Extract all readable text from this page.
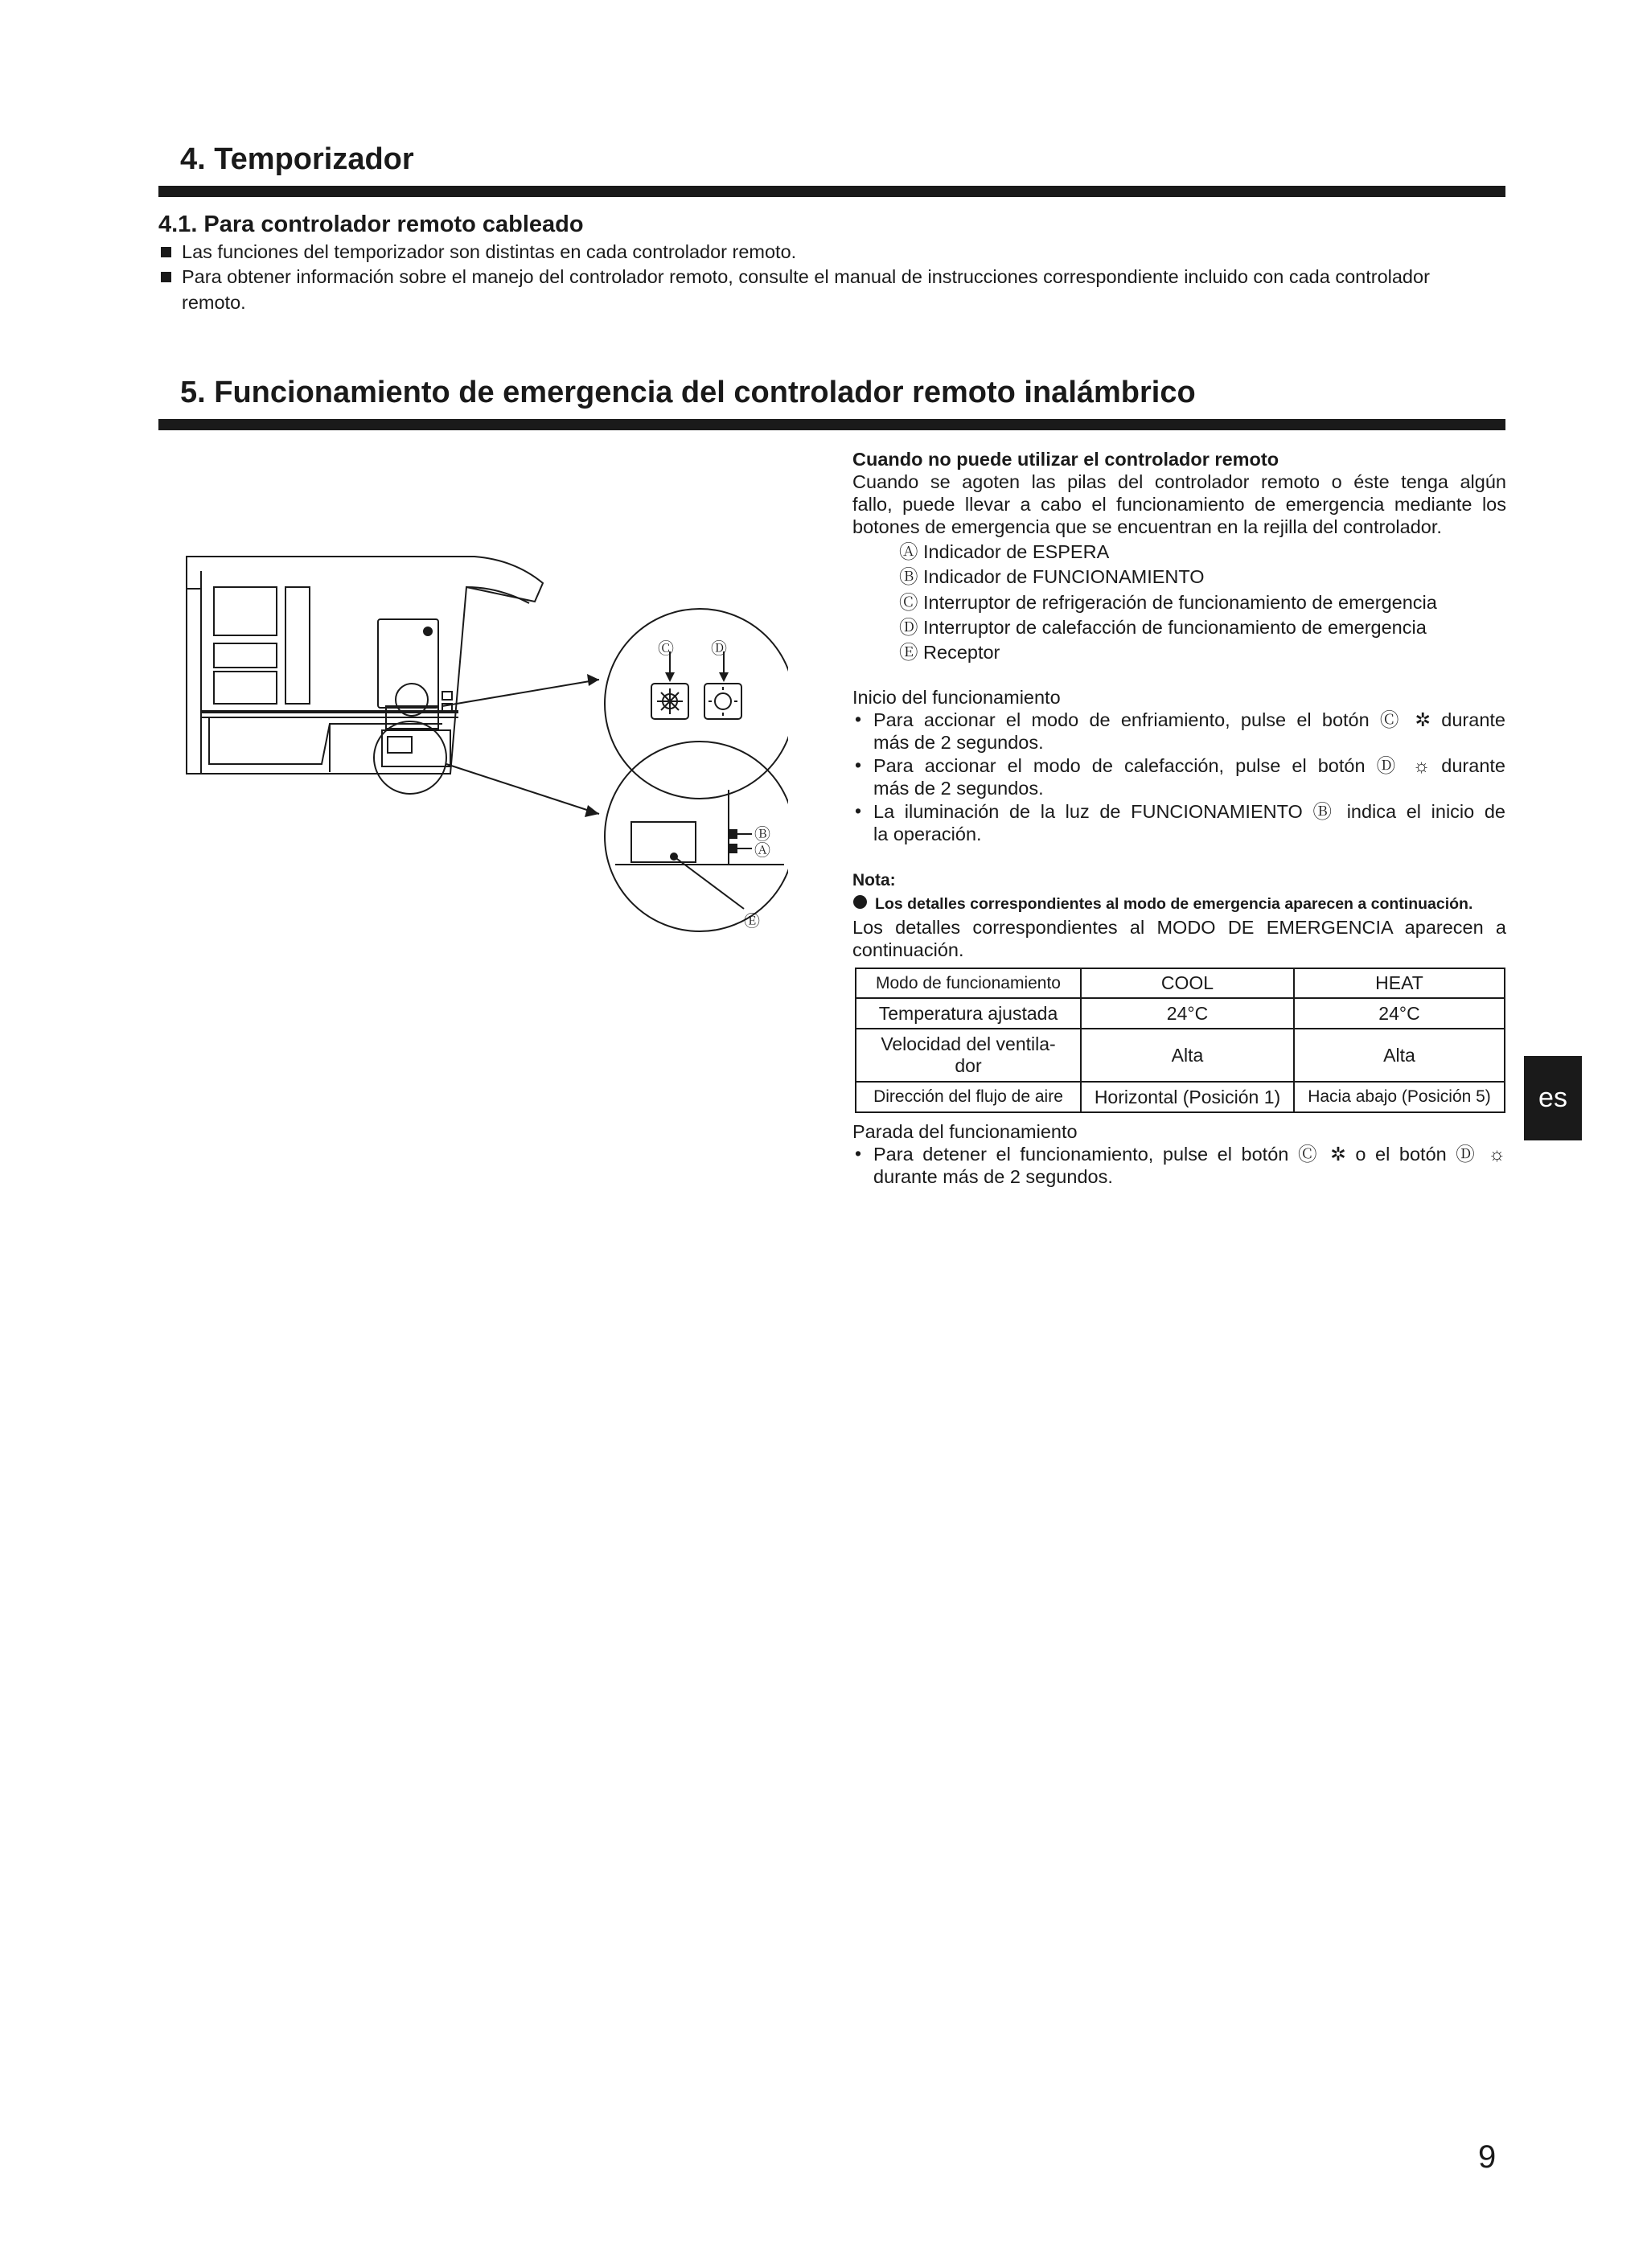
4. Temporizador
4.1. Para controlador remoto cableado
Las funciones del temporizador son distintas en cada controlador remoto.
Para obtener información sobre el manejo del controlador remoto, consulte el manual de instrucciones correspondiente incluido con cada controlador
remoto.
5. Funcionamiento de emergencia del controlador remoto inalámbrico
Ⓒ Ⓓ
Ⓑ
Ⓐ
Ⓔ
Cuando no puede utilizar el controlador remoto
Cuando se agoten las pilas del controlador remoto o éste tenga algún
fallo, puede llevar a cabo el funcionamiento de emergencia mediante los
botones de emergencia que se encuentran en la rejilla del controlador.
Ⓐ Indicador de ESPERA
Ⓑ Indicador de FUNCIONAMIENTO
Ⓒ Interruptor de refrigeración de funcionamiento de emergencia
Ⓓ Interruptor de calefacción de funcionamiento de emergencia
Ⓔ Receptor
Inicio del funcionamiento
• Para accionar el modo de enfriamiento, pulse el botón Ⓒ ✲ durante
más de 2 segundos.
• Para accionar el modo de calefacción, pulse el botón Ⓓ ☼ durante
más de 2 segundos.
• La iluminación de la luz de FUNCIONAMIENTO Ⓑ indica el inicio de
la operación.
Nota:
Los detalles correspondientes al modo de emergencia aparecen a continuación.
Los detalles correspondientes al MODO DE EMERGENCIA aparecen a
continuación.
Modo de funcionamiento	COOL	HEAT
Temperatura ajustada	24°C	24°C
Velocidad del ventila-
dor	Alta	Alta
Dirección del flujo de aire	Horizontal (Posición 1)	Hacia abajo (Posición 5)
Parada del funcionamiento
• Para detener el funcionamiento, pulse el botón Ⓒ ✲ o el botón Ⓓ ☼
durante más de 2 segundos.
es
9
